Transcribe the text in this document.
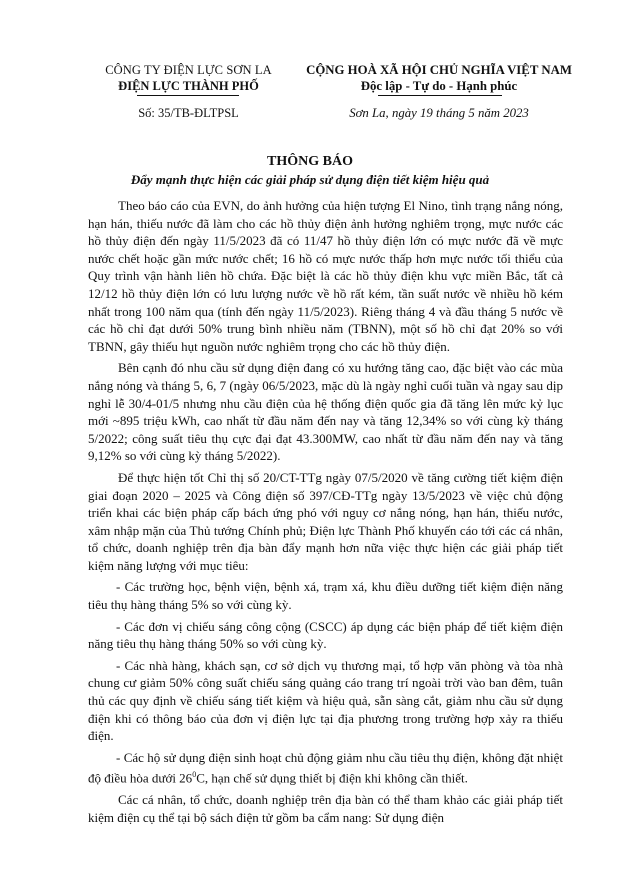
CÔNG TY ĐIỆN LỰC SƠN LA
ĐIỆN LỰC THÀNH PHỐ
Số: 35/TB-ĐLTPSL
CỘNG HOÀ XÃ HỘI CHỦ NGHĨA VIỆT NAM
Độc lập - Tự do - Hạnh phúc
Sơn La, ngày 19 tháng 5 năm 2023
THÔNG BÁO
Đẩy mạnh thực hiện các giải pháp sử dụng điện tiết kiệm hiệu quả

Theo báo cáo của EVN, do ảnh hưởng của hiện tượng El Nino, tình trạng nắng nóng, hạn hán, thiếu nước đã làm cho các hồ thủy điện ảnh hưởng nghiêm trọng, mực nước các hồ thủy điện đến ngày 11/5/2023 đã có 11/47 hồ thủy điện lớn có mực nước đã về mực nước chết hoặc gần mức nước chết; 16 hồ có mực nước thấp hơn mực nước tối thiểu của Quy trình vận hành liên hồ chứa. Đặc biệt là các hồ thủy điện khu vực miền Bắc, tất cả 12/12 hồ thủy điện lớn có lưu lượng nước về hồ rất kém, tần suất nước về nhiều hồ kém nhất trong 100 năm qua (tính đến ngày 11/5/2023). Riêng tháng 4 và đầu tháng 5 nước về các hồ chỉ đạt dưới 50% trung bình nhiều năm (TBNN), một số hồ chỉ đạt 20% so với TBNN, gây thiếu hụt nguồn nước nghiêm trọng cho các hồ thủy điện.

Bên cạnh đó nhu cầu sử dụng điện đang có xu hướng tăng cao, đặc biệt vào các mùa nắng nóng và tháng 5, 6, 7 (ngày 06/5/2023, mặc dù là ngày nghỉ cuối tuần và ngay sau dịp nghỉ lễ 30/4-01/5 nhưng nhu cầu điện của hệ thống điện quốc gia đã tăng lên mức kỷ lục mới ~895 triệu kWh, cao nhất từ đầu năm đến nay và tăng 12,34% so với cùng kỳ tháng 5/2022; công suất tiêu thụ cực đại đạt 43.300MW, cao nhất từ đầu năm đến nay và tăng 9,12% so với cùng kỳ tháng 5/2022).

Để thực hiện tốt Chỉ thị số 20/CT-TTg ngày 07/5/2020 về tăng cường tiết kiệm điện giai đoạn 2020 – 2025 và Công điện số 397/CĐ-TTg ngày 13/5/2023 về việc chủ động triển khai các biện pháp cấp bách ứng phó với nguy cơ nắng nóng, hạn hán, thiếu nước, xâm nhập mặn của Thủ tướng Chính phủ; Điện lực Thành Phố khuyến cáo tới các cá nhân, tổ chức, doanh nghiệp trên địa bàn đẩy mạnh hơn nữa việc thực hiện các giải pháp tiết kiệm năng lượng với mục tiêu:

- Các trường học, bệnh viện, bệnh xá, trạm xá, khu điều dưỡng tiết kiệm điện năng tiêu thụ hàng tháng 5% so với cùng kỳ.

- Các đơn vị chiếu sáng công cộng (CSCC) áp dụng các biện pháp để tiết kiệm điện năng tiêu thụ hàng tháng 50% so với cùng kỳ.

- Các nhà hàng, khách sạn, cơ sở dịch vụ thương mại, tổ hợp văn phòng và tòa nhà chung cư giảm 50% công suất chiếu sáng quảng cáo trang trí ngoài trời vào ban đêm, tuân thủ các quy định về chiếu sáng tiết kiệm và hiệu quả, sẵn sàng cắt, giảm nhu cầu sử dụng điện khi có thông báo của đơn vị điện lực tại địa phương trong trường hợp xảy ra thiếu điện.

- Các hộ sử dụng điện sinh hoạt chủ động giảm nhu cầu tiêu thụ điện, không đặt nhiệt độ điều hòa dưới $26^0C$, hạn chế sử dụng thiết bị điện khi không cần thiết.

Các cá nhân, tổ chức, doanh nghiệp trên địa bàn có thể tham khảo các giải pháp tiết kiệm điện cụ thể tại bộ sách điện tử gồm ba cẩm nang: Sử dụng điện
